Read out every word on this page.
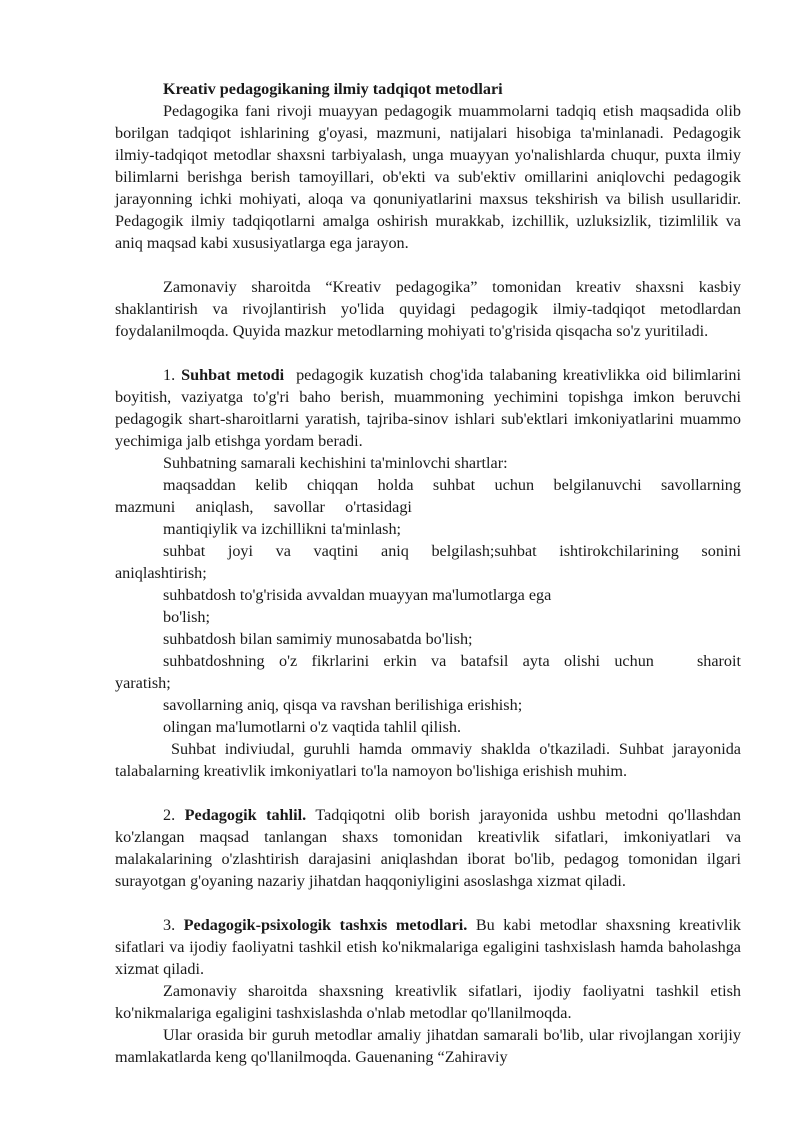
Kreativ pedagogikaning ilmiy tadqiqot metodlari

Pedagogika fani rivoji muayyan pedagogik muammolarni tadqiq etish maqsadida olib borilgan tadqiqot ishlarining g'oyasi, mazmuni, natijalari hisobiga ta'minlanadi. Pedagogik ilmiy-tadqiqot metodlar shaxsni tarbiyalash, unga muayyan yo'nalishlarda chuqur, puxta ilmiy bilimlarni berishga berish tamoyillari, ob'ekti va sub'ektiv omillarini aniqlovchi pedagogik jarayonning ichki mohiyati, aloqa va qonuniyatlarini maxsus tekshirish va bilish usullaridir. Pedagogik ilmiy tadqiqotlarni amalga oshirish murakkab, izchillik, uzluksizlik, tizimlilik va aniq maqsad kabi xususiyatlarga ega jarayon.

Zamonaviy sharoitda “Kreativ pedagogika” tomonidan kreativ shaxsni kasbiy shaklantirish va rivojlantirish yo'lida quyidagi pedagogik ilmiy-tadqiqot metodlardan foydalanilmoqda. Quyida mazkur metodlarning mohiyati to'g'risida qisqacha so'z yuritiladi.

1. Suhbat metodi pedagogik kuzatish chog'ida talabaning kreativlikka oid bilimlarini boyitish, vaziyatga to'g'ri baho berish, muammoning yechimini topishga imkon beruvchi pedagogik shart-sharoitlarni yaratish, tajriba-sinov ishlari sub'ektlari imkoniyatlarini muammo yechimiga jalb etishga yordam beradi.

Suhbatning samarali kechishini ta'minlovchi shartlar:
maqsaddan kelib chiqqan holda suhbat uchun belgilanuvchi savollarning
mazmuni     aniqlash,     savollar     o'rtasidagi
mantiqiylik va izchillikni ta'minlash;
suhbat joyi va vaqtini aniq belgilash;suhbat ishtirokchilarining sonini
aniqlashtirish;
suhbatdosh to'g'risida avvaldan muayyan ma'lumotlarga ega
bo'lish;
suhbatdosh bilan samimiy munosabatda bo'lish;
suhbatdoshning o'z fikrlarini erkin va batafsil ayta olishi uchun   sharoit
yaratish;
savollarning aniq, qisqa va ravshan berilishiga erishish;
olingan ma'lumotlarni o'z vaqtida tahlil qilish.

Suhbat indiviudal, guruhli hamda ommaviy shaklda o'tkaziladi. Suhbat jarayonida talabalarning kreativlik imkoniyatlari to'la namoyon bo'lishiga erishish muhim.

2. Pedagogik tahlil. Tadqiqotni olib borish jarayonida ushbu metodni qo'llashdan ko'zlangan maqsad tanlangan shaxs tomonidan kreativlik sifatlari, imkoniyatlari va malakalarining o'zlashtirish darajasini aniqlashdan iborat bo'lib, pedagog tomonidan ilgari surayotgan g'oyaning nazariy jihatdan haqqoniyligini asoslashga xizmat qiladi.

3. Pedagogik-psixologik tashxis metodlari. Bu kabi metodlar shaxsning kreativlik sifatlari va ijodiy faoliyatni tashkil etish ko'nikmalariga egaligini tashxislash hamda baholashga xizmat qiladi.

Zamonaviy sharoitda shaxsning kreativlik sifatlari, ijodiy faoliyatni tashkil etish ko'nikmalariga egaligini tashxislashda o'nlab metodlar qo'llanilmoqda.

Ular orasida bir guruh metodlar amaliy jihatdan samarali bo'lib, ular rivojlangan xorijiy mamlakatlarda keng qo'llanilmoqda. Gauenaning “Zahiraviy
